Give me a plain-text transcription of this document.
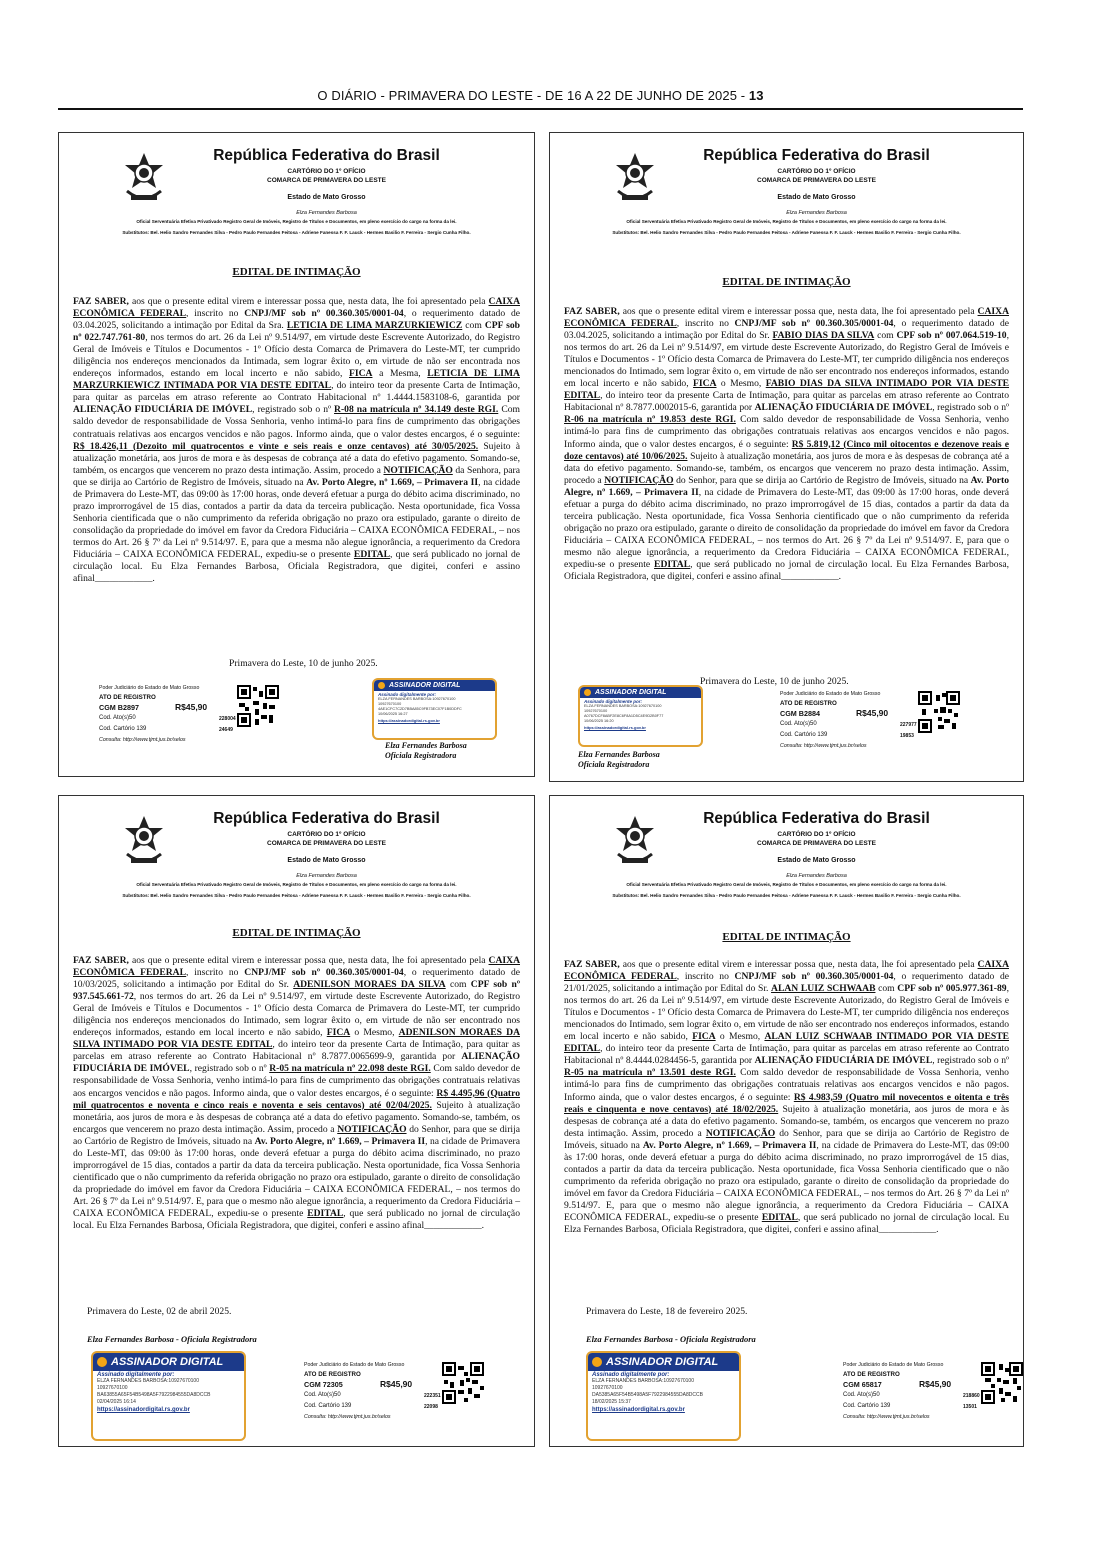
O DIÁRIO - PRIMAVERA DO LESTE - DE 16 A 22 DE JUNHO DE 2025 - 13
República Federativa do Brasil
CARTÓRIO DO 1º OFÍCIO
COMARCA DE PRIMAVERA DO LESTE
Estado de Mato Grosso
Elza Fernandes Barbosa
Oficial Serventuária Efetiva Privativado Registro Geral de Imóveis, Registro de Títulos e Documentos, em pleno exercício do cargo na forma da lei.
Substitutos: Bel. Helio Sandro Fernandes Silva - Pedro Paulo Fernandes Feitosa - Adriene Fanessa F. F. Lauck - Hermes Basilio F. Ferreira - Sergio Cunha Filho.
EDITAL DE INTIMAÇÃO
FAZ SABER, aos que o presente edital virem e interessar possa que, nesta data, lhe foi apresentado pela CAIXA ECONÔMICA FEDERAL, inscrito no CNPJ/MF sob nº 00.360.305/0001-04, o requerimento datado de 03.04.2025, solicitando a intimação por Edital da Sra. LETICIA DE LIMA MARZURKIEWICZ com CPF sob nº 022.747.761-80, nos termos do art. 26 da Lei nº 9.514/97, em virtude deste Escrevente Autorizado, do Registro Geral de Imóveis e Títulos e Documentos - 1º Ofício desta Comarca de Primavera do Leste-MT, ter cumprido diligência nos endereços mencionados da Intimada, sem lograr êxito o, em virtude de não ser encontrada nos endereços informados, estando em local incerto e não sabido, FICA a Mesma, LETICIA DE LIMA MARZURKIEWICZ INTIMADA POR VIA DESTE EDITAL, do inteiro teor da presente Carta de Intimação, para quitar as parcelas em atraso referente ao Contrato Habitacional nº 1.4444.1583108-6, garantida por ALIENAÇÃO FIDUCIÁRIA DE IMÓVEL, registrado sob o nº R-08 na matrícula nº 34.149 deste RGI. Com saldo devedor de responsabilidade de Vossa Senhoria, venho intimá-lo para fins de cumprimento das obrigações contratuais relativas aos encargos vencidos e não pagos. Informo ainda, que o valor destes encargos, é o seguinte: R$ 18.426,11 (Dezoito mil quatrocentos e vinte e seis reais e onze centavos) até 30/05/2025. Sujeito à atualização monetária, aos juros de mora e às despesas de cobrança até a data do efetivo pagamento. Somando-se, também, os encargos que vencerem no prazo desta intimação. Assim, procedo a NOTIFICAÇÃO da Senhora, para que se dirija ao Cartório de Registro de Imóveis, situado na Av. Porto Alegre, nº 1.669, – Primavera II, na cidade de Primavera do Leste-MT, das 09:00 às 17:00 horas, onde deverá efetuar a purga do débito acima discriminado, no prazo improrrogável de 15 dias, contados a partir da data da terceira publicação. Nesta oportunidade, fica Vossa Senhoria cientificada que o não cumprimento da referida obrigação no prazo ora estipulado, garante o direito de consolidação da propriedade do imóvel em favor da Credora Fiduciária – CAIXA ECONÔMICA FEDERAL, – nos termos do Art. 26 § 7º da Lei nº 9.514/97. E, para que a mesma não alegue ignorância, a requerimento da Credora Fiduciária – CAIXA ECONÔMICA FEDERAL, expediu-se o presente EDITAL, que será publicado no jornal de circulação local. Eu Elza Fernandes Barbosa, Oficiala Registradora, que digitei, conferi e assino afinal____________.
Primavera do Leste, 10 de junho 2025.
Poder Judiciário do Estado de Mato Grosso
ATO DE REGISTRO
CGM B2897	R$45,90
Cod. Ato(s)50	228004
Cod. Cartório 139	24649
Consulta: http://www.tjmt.jus.br/selos
ASSINADOR DIGITAL
Assinado digitalmente por:
ELZA FERNANDES BARBOSA:10927670100
10927670100
4AE1CFC7C2D7BBA85C9FB73EC07F1B0DDFC
10/06/2025 16:27
https://assinadordigital.rs.gov.br
Elza Fernandes Barbosa
Oficiala Registradora
República Federativa do Brasil
CARTÓRIO DO 1º OFÍCIO
COMARCA DE PRIMAVERA DO LESTE
Estado de Mato Grosso
Elza Fernandes Barbosa
Oficial Serventuária Efetiva Privativado Registro Geral de Imóveis, Registro de Títulos e Documentos, em pleno exercício do cargo na forma da lei.
Substitutos: Bel. Helio Sandro Fernandes Silva - Pedro Paulo Fernandes Feitosa - Adriene Fanessa F. F. Lauck - Hermes Basilio F. Ferreira - Sergio Cunha Filho.
EDITAL DE INTIMAÇÃO
FAZ SABER, aos que o presente edital virem e interessar possa que, nesta data, lhe foi apresentado pela CAIXA ECONÔMICA FEDERAL, inscrito no CNPJ/MF sob nº 00.360.305/0001-04, o requerimento datado de 03.04.2025, solicitando a intimação por Edital do Sr. FABIO DIAS DA SILVA com CPF sob nº 007.064.519-10, nos termos do art. 26 da Lei nº 9.514/97, em virtude deste Escrevente Autorizado, do Registro Geral de Imóveis e Títulos e Documentos - 1º Ofício desta Comarca de Primavera do Leste-MT, ter cumprido diligência nos endereços mencionados do Intimado, sem lograr êxito o, em virtude de não ser encontrado nos endereços informados, estando em local incerto e não sabido, FICA o Mesmo, FABIO DIAS DA SILVA INTIMADO POR VIA DESTE EDITAL, do inteiro teor da presente Carta de Intimação, para quitar as parcelas em atraso referente ao Contrato Habitacional nº 8.7877.0002015-6, garantida por ALIENAÇÃO FIDUCIÁRIA DE IMÓVEL, registrado sob o nº R-06 na matrícula nº 19.853 deste RGI. Com saldo devedor de responsabilidade de Vossa Senhoria, venho intimá-lo para fins de cumprimento das obrigações contratuais relativas aos encargos vencidos e não pagos. Informo ainda, que o valor destes encargos, é o seguinte: R$ 5.819,12 (Cinco mil oitocentos e dezenove reais e doze centavos) até 10/06/2025. Sujeito à atualização monetária, aos juros de mora e às despesas de cobrança até a data do efetivo pagamento. Somando-se, também, os encargos que vencerem no prazo desta intimação. Assim, procedo a NOTIFICAÇÃO do Senhor, para que se dirija ao Cartório de Registro de Imóveis, situado na Av. Porto Alegre, nº 1.669, – Primavera II, na cidade de Primavera do Leste-MT, das 09:00 às 17:00 horas, onde deverá efetuar a purga do débito acima discriminado, no prazo improrrogável de 15 dias, contados a partir da data da terceira publicação. Nesta oportunidade, fica Vossa Senhoria cientificado que o não cumprimento da referida obrigação no prazo ora estipulado, garante o direito de consolidação da propriedade do imóvel em favor da Credora Fiduciária – CAIXA ECONÔMICA FEDERAL, – nos termos do Art. 26 § 7º da Lei nº 9.514/97. E, para que o mesmo não alegue ignorância, a requerimento da Credora Fiduciária – CAIXA ECONÔMICA FEDERAL, expediu-se o presente EDITAL, que será publicado no jornal de circulação local. Eu Elza Fernandes Barbosa, Oficiala Registradora, que digitei, conferi e assino afinal____________.
Primavera do Leste, 10 de junho 2025.
ASSINADOR DIGITAL
Assinado digitalmente por:
ELZA FERNANDES BARBOSA:10927670100
10927670100
A0767DCF8ABF2E8C6F8A1D5C4E9D2B0F77
10/06/2025 16:20
https://assinadordigital.rs.gov.br
Elza Fernandes Barbosa
Oficiala Registradora
Poder Judiciário do Estado de Mato Grosso
ATO DE REGISTRO
CGM B2884	R$45,90
Cod. Ato(s)50	227977
Cod. Cartório 139	19853
Consulta: http://www.tjmt.jus.br/selos
República Federativa do Brasil
CARTÓRIO DO 1º OFÍCIO
COMARCA DE PRIMAVERA DO LESTE
Estado de Mato Grosso
Elza Fernandes Barbosa
Oficial Serventuária Efetiva Privativado Registro Geral de Imóveis, Registro de Títulos e Documentos, em pleno exercício do cargo na forma da lei.
Substitutos: Bel. Helio Sandro Fernandes Silva - Pedro Paulo Fernandes Feitosa - Adriene Fanessa F. F. Lauck - Hermes Basilio F. Ferreira - Sergio Cunha Filho.
EDITAL DE INTIMAÇÃO
FAZ SABER, aos que o presente edital virem e interessar possa que, nesta data, lhe foi apresentado pela CAIXA ECONÔMICA FEDERAL, inscrito no CNPJ/MF sob nº 00.360.305/0001-04, o requerimento datado de 10/03/2025, solicitando a intimação por Edital do Sr. ADENILSON MORAES DA SILVA com CPF sob nº 937.545.661-72, nos termos do art. 26 da Lei nº 9.514/97, em virtude deste Escrevente Autorizado, do Registro Geral de Imóveis e Títulos e Documentos - 1º Ofício desta Comarca de Primavera do Leste-MT, ter cumprido diligência nos endereços mencionados do Intimado, sem lograr êxito o, em virtude de não ser encontrado nos endereços informados, estando em local incerto e não sabido, FICA o Mesmo, ADENILSON MORAES DA SILVA INTIMADO POR VIA DESTE EDITAL, do inteiro teor da presente Carta de Intimação, para quitar as parcelas em atraso referente ao Contrato Habitacional nº 8.7877.0065699-9, garantida por ALIENAÇÃO FIDUCIÁRIA DE IMÓVEL, registrado sob o nº R-05 na matrícula nº 22.098 deste RGI. Com saldo devedor de responsabilidade de Vossa Senhoria, venho intimá-lo para fins de cumprimento das obrigações contratuais relativas aos encargos vencidos e não pagos. Informo ainda, que o valor destes encargos, é o seguinte: R$ 4.495,96 (Quatro mil quatrocentos e noventa e cinco reais e noventa e seis centavos) até 02/04/2025. Sujeito à atualização monetária, aos juros de mora e às despesas de cobrança até a data do efetivo pagamento. Somando-se, também, os encargos que vencerem no prazo desta intimação. Assim, procedo a NOTIFICAÇÃO do Senhor, para que se dirija ao Cartório de Registro de Imóveis, situado na Av. Porto Alegre, nº 1.669, – Primavera II, na cidade de Primavera do Leste-MT, das 09:00 às 17:00 horas, onde deverá efetuar a purga do débito acima discriminado, no prazo improrrogável de 15 dias, contados a partir da data da terceira publicação. Nesta oportunidade, fica Vossa Senhoria cientificado que o não cumprimento da referida obrigação no prazo ora estipulado, garante o direito de consolidação da propriedade do imóvel em favor da Credora Fiduciária – CAIXA ECONÔMICA FEDERAL, – nos termos do Art. 26 § 7º da Lei nº 9.514/97. E, para que o mesmo não alegue ignorância, a requerimento da Credora Fiduciária – CAIXA ECONÔMICA FEDERAL, expediu-se o presente EDITAL, que será publicado no jornal de circulação local. Eu Elza Fernandes Barbosa, Oficiala Registradora, que digitei, conferi e assino afinal____________.
Primavera do Leste, 02 de abril 2025.
Elza Fernandes Barbosa - Oficiala Registradora
ASSINADOR DIGITAL
Assinado digitalmente por:
ELZA FERNANDES BARBOSA:10927670100
10927670100
BA63855A65F54B5498A5F7922984555DA8DCCB
02/04/2025 16:14
https://assinadordigital.rs.gov.br
Poder Judiciário do Estado de Mato Grosso
ATO DE REGISTRO
CGM 72305	R$45,90
Cod. Ato(s)50	222351
Cod. Cartório 139	22098
Consulta: http://www.tjmt.jus.br/selos
República Federativa do Brasil
CARTÓRIO DO 1º OFÍCIO
COMARCA DE PRIMAVERA DO LESTE
Estado de Mato Grosso
Elza Fernandes Barbosa
Oficial Serventuária Efetiva Privativado Registro Geral de Imóveis, Registro de Títulos e Documentos, em pleno exercício do cargo na forma da lei.
Substitutos: Bel. Helio Sandro Fernandes Silva - Pedro Paulo Fernandes Feitosa - Adriene Fanessa F. F. Lauck - Hermes Basilio F. Ferreira - Sergio Cunha Filho.
EDITAL DE INTIMAÇÃO
FAZ SABER, aos que o presente edital virem e interessar possa que, nesta data, lhe foi apresentado pela CAIXA ECONÔMICA FEDERAL, inscrito no CNPJ/MF sob nº 00.360.305/0001-04, o requerimento datado de 21/01/2025, solicitando a intimação por Edital do Sr. ALAN LUIZ SCHWAAB com CPF sob nº 005.977.361-89, nos termos do art. 26 da Lei nº 9.514/97, em virtude deste Escrevente Autorizado, do Registro Geral de Imóveis e Títulos e Documentos - 1º Ofício desta Comarca de Primavera do Leste-MT, ter cumprido diligência nos endereços mencionados do Intimado, sem lograr êxito o, em virtude de não ser encontrado nos endereços informados, estando em local incerto e não sabido, FICA o Mesmo, ALAN LUIZ SCHWAAB INTIMADO POR VIA DESTE EDITAL, do inteiro teor da presente Carta de Intimação, para quitar as parcelas em atraso referente ao Contrato Habitacional nº 8.4444.0284456-5, garantida por ALIENAÇÃO FIDUCIÁRIA DE IMÓVEL, registrado sob o nº R-05 na matrícula nº 13.501 deste RGI. Com saldo devedor de responsabilidade de Vossa Senhoria, venho intimá-lo para fins de cumprimento das obrigações contratuais relativas aos encargos vencidos e não pagos. Informo ainda, que o valor destes encargos, é o seguinte: R$ 4.983,59 (Quatro mil novecentos e oitenta e três reais e cinquenta e nove centavos) até 18/02/2025. Sujeito à atualização monetária, aos juros de mora e às despesas de cobrança até a data do efetivo pagamento. Somando-se, também, os encargos que vencerem no prazo desta intimação. Assim, procedo a NOTIFICAÇÃO do Senhor, para que se dirija ao Cartório de Registro de Imóveis, situado na Av. Porto Alegre, nº 1.669, – Primavera II, na cidade de Primavera do Leste-MT, das 09:00 às 17:00 horas, onde deverá efetuar a purga do débito acima discriminado, no prazo improrrogável de 15 dias, contados a partir da data da terceira publicação. Nesta oportunidade, fica Vossa Senhoria cientificado que o não cumprimento da referida obrigação no prazo ora estipulado, garante o direito de consolidação da propriedade do imóvel em favor da Credora Fiduciária – CAIXA ECONÔMICA FEDERAL, – nos termos do Art. 26 § 7º da Lei nº 9.514/97. E, para que o mesmo não alegue ignorância, a requerimento da Credora Fiduciária – CAIXA ECONÔMICA FEDERAL, expediu-se o presente EDITAL, que será publicado no jornal de circulação local. Eu Elza Fernandes Barbosa, Oficiala Registradora, que digitei, conferi e assino afinal____________.
Primavera do Leste, 18 de fevereiro 2025.
Elza Fernandes Barbosa - Oficiala Registradora
ASSINADOR DIGITAL
Assinado digitalmente por:
ELZA FERNANDES BARBOSA:10927670100
10927670100
DA5385A65F54B5498A5F7922984555DA8DCCB
18/02/2025 15:37
https://assinadordigital.rs.gov.br
Poder Judiciário do Estado de Mato Grosso
ATO DE REGISTRO
CGM 65817	R$45,90
Cod. Ato(s)50	218860
Cod. Cartório 139	13501
Consulta: http://www.tjmt.jus.br/selos
